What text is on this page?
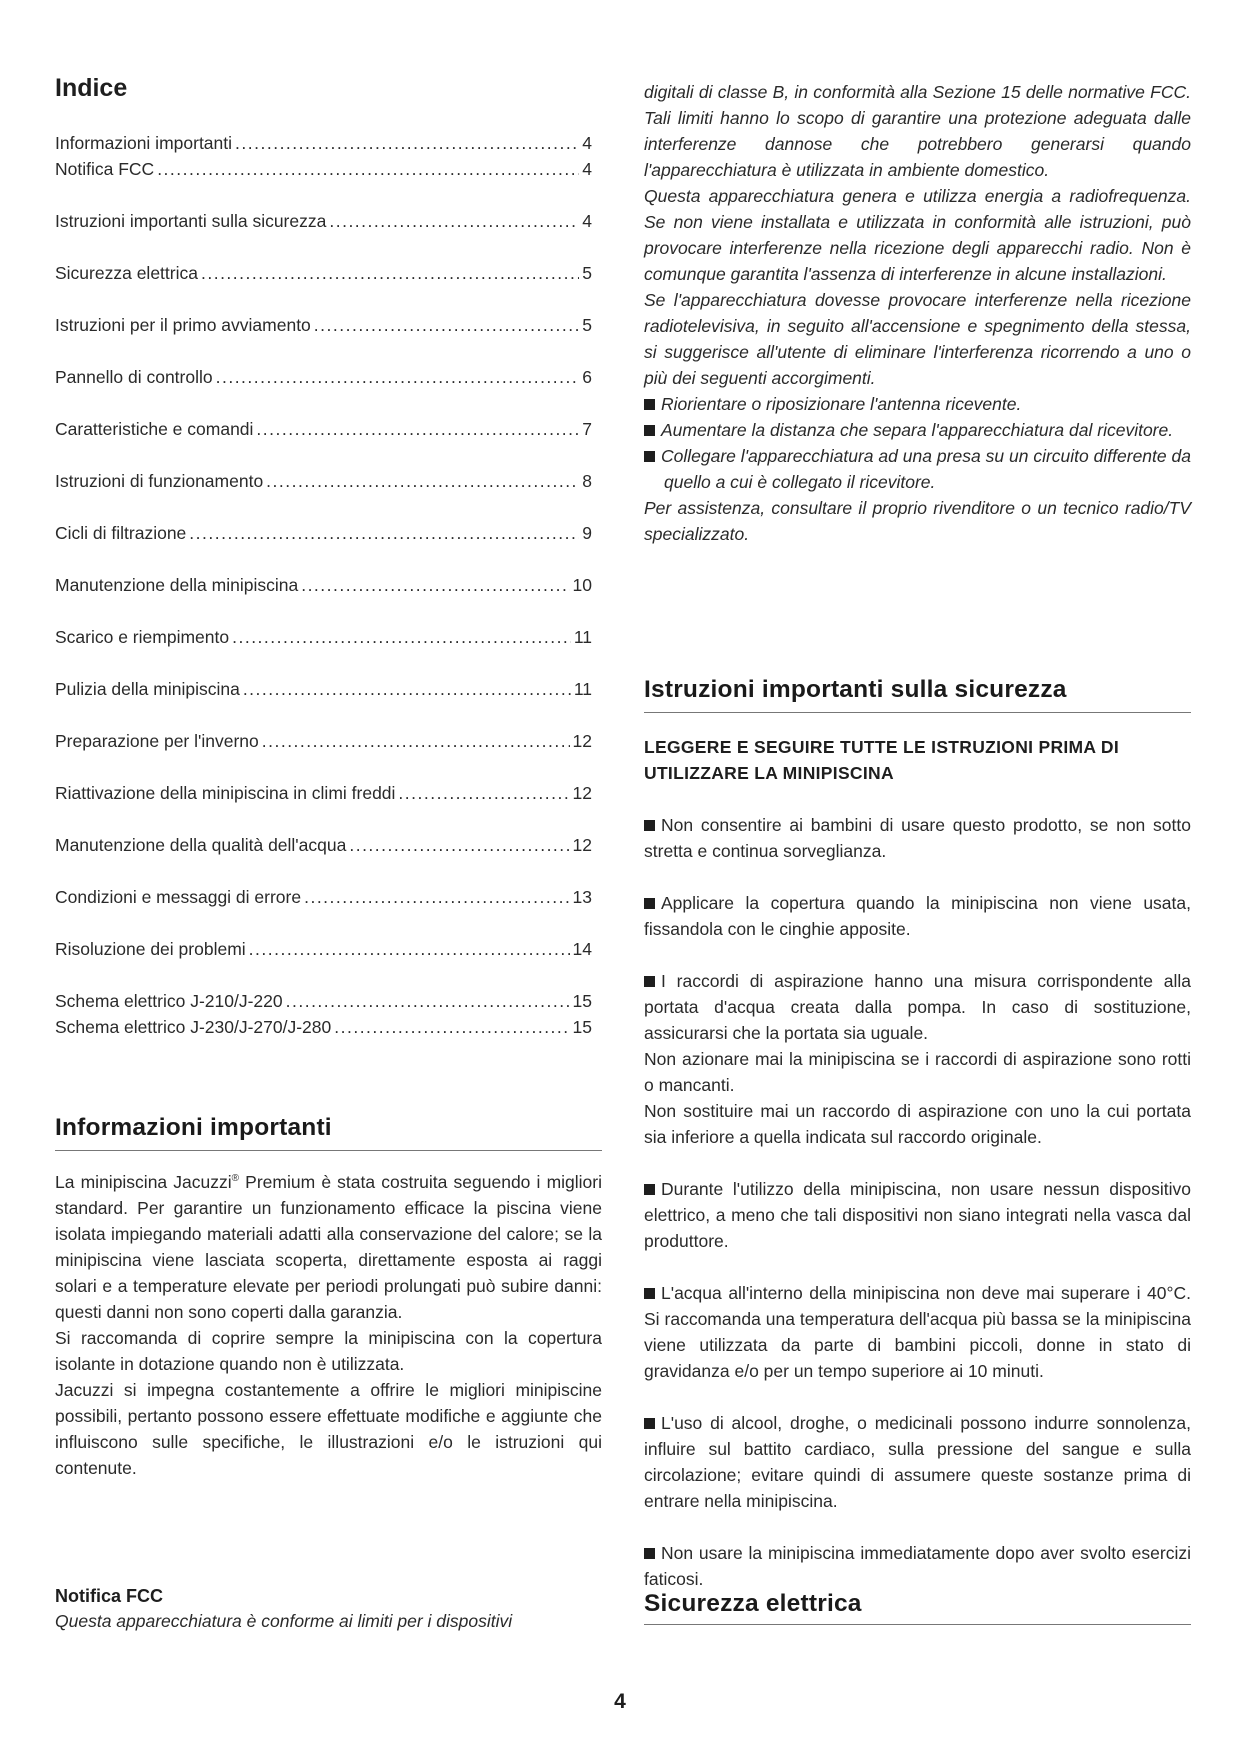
Indice
Informazioni importanti .....	4
Notifica FCC .....	4
Istruzioni importanti sulla sicurezza .....	4
Sicurezza elettrica .....	5
Istruzioni per il primo avviamento .....	5
Pannello di controllo .....	6
Caratteristiche e comandi .....	7
Istruzioni di funzionamento .....	8
Cicli di filtrazione .....	9
Manutenzione della minipiscina .....	10
Scarico e riempimento .....	11
Pulizia della minipiscina .....	11
Preparazione per l'inverno .....	12
Riattivazione della minipiscina in climi freddi .....	12
Manutenzione della qualità dell'acqua .....	12
Condizioni e messaggi di errore .....	13
Risoluzione dei problemi .....	14
Schema elettrico J-210/J-220 .....	15
Schema elettrico J-230/J-270/J-280 .....	15
Informazioni importanti
La minipiscina Jacuzzi® Premium è stata costruita seguendo i migliori standard. Per garantire un funzionamento efficace la piscina viene isolata impiegando materiali adatti alla conservazione del calore; se la minipiscina viene lasciata scoperta, direttamente esposta ai raggi solari e a temperature elevate per periodi prolungati può subire danni: questi danni non sono coperti dalla garanzia.
Si raccomanda di coprire sempre la minipiscina con la copertura isolante in dotazione quando non è utilizzata.
Jacuzzi si impegna costantemente a offrire le migliori minipiscine possibili, pertanto possono essere effettuate modifiche e aggiunte che influiscono sulle specifiche, le illustrazioni e/o le istruzioni qui contenute.
Notifica FCC

Questa apparecchiatura è conforme ai limiti per i dispositivi

digitali di classe B, in conformità alla Sezione 15 delle normative FCC. Tali limiti hanno lo scopo di garantire una protezione adeguata dalle interferenze dannose che potrebbero generarsi quando l'apparecchiatura è utilizzata in ambiente domestico.
Questa apparecchiatura genera e utilizza energia a radiofrequenza. Se non viene installata e utilizzata in conformità alle istruzioni, può provocare interferenze nella ricezione degli apparecchi radio. Non è comunque garantita l'assenza di interferenze in alcune installazioni.
Se l'apparecchiatura dovesse provocare interferenze nella ricezione radiotelevisiva, in seguito all'accensione e spegnimento della stessa, si suggerisce all'utente di eliminare l'interferenza ricorrendo a uno o più dei seguenti accorgimenti.
Riorientare o riposizionare l'antenna ricevente.
Aumentare la distanza che separa l'apparecchiatura dal ricevitore.
Collegare l'apparecchiatura ad una presa su un circuito differente da quello a cui è collegato il ricevitore.
Per assistenza, consultare il proprio rivenditore o un tecnico radio/TV specializzato.
Istruzioni importanti sulla sicurezza

LEGGERE E SEGUIRE TUTTE LE ISTRUZIONI PRIMA DI UTILIZZARE LA MINIPISCINA

Non consentire ai bambini di usare questo prodotto, se non sotto stretta e continua sorveglianza.

Applicare la copertura quando la minipiscina non viene usata, fissandola con le cinghie apposite.

I raccordi di aspirazione hanno una misura corrispondente alla portata d'acqua creata dalla pompa. In caso di sostituzione, assicurarsi che la portata sia uguale.
Non azionare mai la minipiscina se i raccordi di aspirazione sono rotti o mancanti.
Non sostituire mai un raccordo di aspirazione con uno la cui portata sia inferiore a quella indicata sul raccordo originale.

Durante l'utilizzo della minipiscina, non usare nessun dispositivo elettrico, a meno che tali dispositivi non siano integrati nella vasca dal produttore.

L'acqua all'interno della minipiscina non deve mai superare i 40°C. Si raccomanda una temperatura dell'acqua più bassa se la minipiscina viene utilizzata da parte di bambini piccoli, donne in stato di gravidanza e/o per un tempo superiore ai 10 minuti.

L'uso di alcool, droghe, o medicinali possono indurre sonnolenza, influire sul battito cardiaco, sulla pressione del sangue e sulla circolazione; evitare quindi di assumere queste sostanze prima di entrare nella minipiscina.

Non usare la minipiscina immediatamente dopo aver svolto esercizi faticosi.

Sicurezza elettrica

4
